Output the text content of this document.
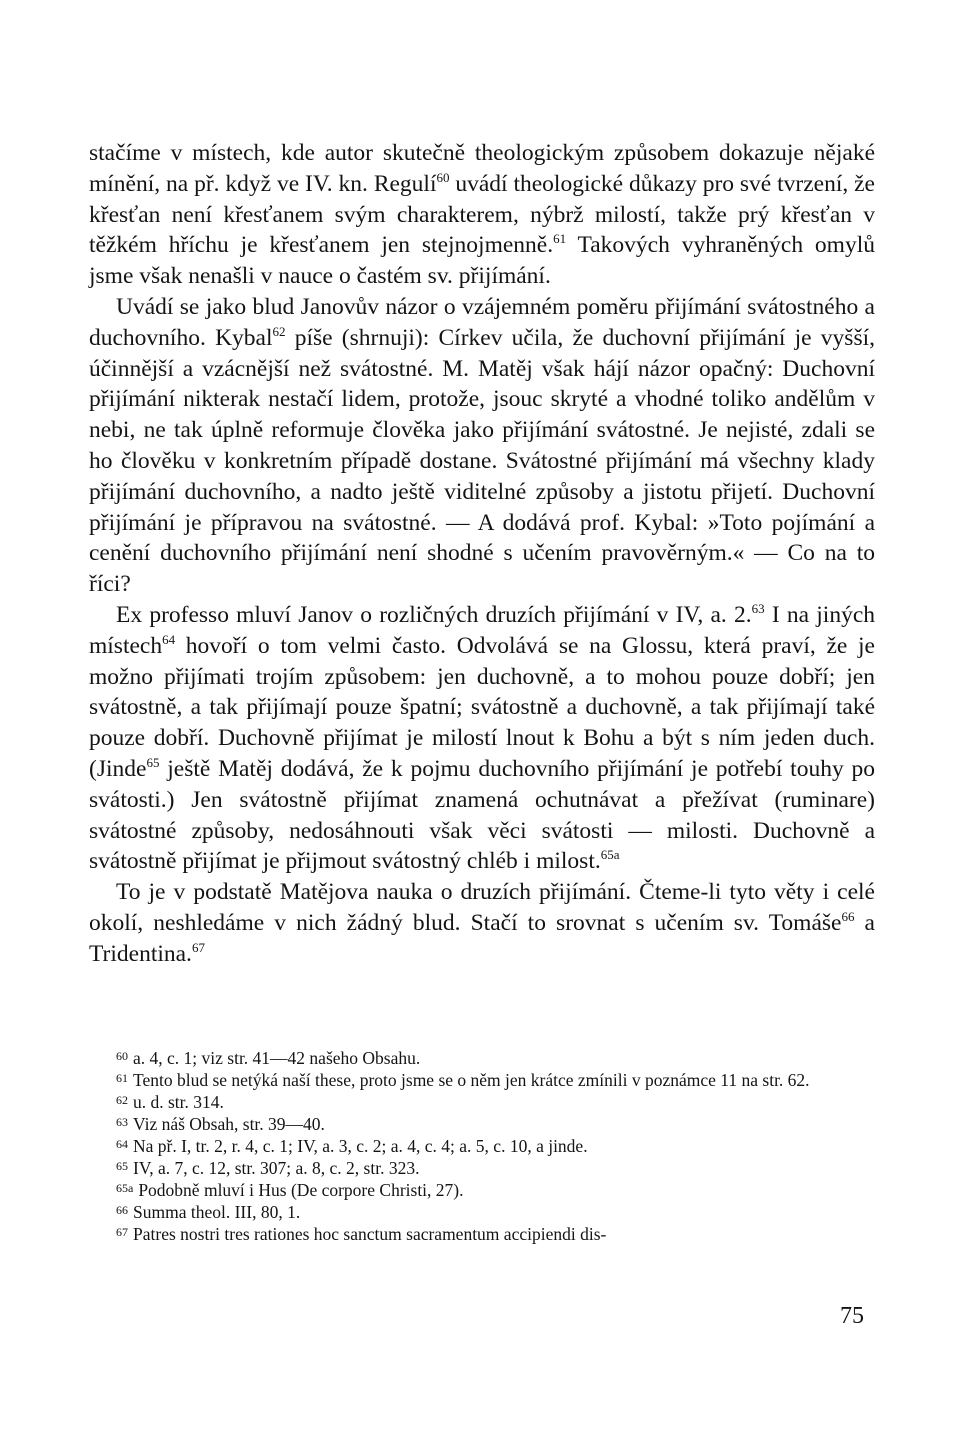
stačíme v místech, kde autor skutečně theologickým způsobem dokazuje nějaké mínění, na př. když ve IV. kn. Regulí$^{60}$ uvádí theologické důkazy pro své tvrzení, že křesťan není křesťanem svým charakterem, nýbrž milostí, takže prý křesťan v těžkém hříchu je křesťanem jen stejnojmenně.$^{61}$ Takových vyhraněných omylů jsme však nenašli v nauce o častém sv. přijímání.

Uvádí se jako blud Janovův názor o vzájemném poměru přijímání svátostného a duchovního. Kybal$^{62}$ píše (shrnuji): Církev učila, že duchovní přijímání je vyšší, účinnější a vzácnější než svátostné. M. Matěj však hájí názor opačný: Duchovní přijímání nikterak nestačí lidem, protože, jsouc skryté a vhodné toliko andělům v nebi, ne tak úplně reformuje člověka jako přijímání svátostné. Je nejisté, zdali se ho člověku v konkretním případě dostane. Svátostné přijímání má všechny klady přijímání duchovního, a nadto ještě viditelné způsoby a jistotu přijetí. Duchovní přijímání je přípravou na svátostné. — A dodává prof. Kybal: »Toto pojímání a cenění duchovního přijímání není shodné s učením pravověrným.« — Co na to říci?

Ex professo mluví Janov o rozličných druzích přijímání v IV, a. 2.63 I na jiných místech$^{64}$ hovoří o tom velmi často. Odvolává se na Glossu, která praví, že je možno přijímati trojím způsobem: jen duchovně, a to mohou pouze dobří; jen svátostně, a tak přijímají pouze špatní; svátostně a duchovně, a tak přijímají také pouze dobří. Duchovně přijímat je milostí lnout k Bohu a být s ním jeden duch. (Jinde$^{65}$ ještě Matěj dodává, že k pojmu duchovního přijímání je potřebí touhy po svátosti.) Jen svátostně přijímat znamená ochutnávat a přežívat (ruminare) svátostné způsoby, nedosáhnouti však věci svátosti — milosti. Duchovně a svátostně přijímat je přijmout svátostný chléb i milost.$^{65a}$

To je v podstatě Matějova nauka o druzích přijímání. Čteme-li tyto věty i celé okolí, neshledáme v nich žádný blud. Stačí to srovnat s učením sv. Tomáše$^{66}$ a Tridentina.$^{67}$

$^{60}$ a. 4, c. 1; viz str. 41—42 našeho Obsahu.
$^{61}$ Tento blud se netýká naší these, proto jsme se o něm jen krátce zmínili v poznámce 11 na str. 62.
$^{62}$ u. d. str. 314.
$^{63}$ Viz náš Obsah, str. 39—40.
$^{64}$ Na př. I, tr. 2, r. 4, c. 1; IV, a. 3, c. 2; a. 4, c. 4; a. 5, c. 10, a jinde.
$^{65}$ IV, a. 7, c. 12, str. 307; a. 8, c. 2, str. 323.
$^{65a}$ Podobně mluví i Hus (De corpore Christi, 27).
$^{66}$ Summa theol. III, 80, 1.
$^{67}$ Patres nostri tres rationes hoc sanctum sacramentum accipiendi dis-
75
